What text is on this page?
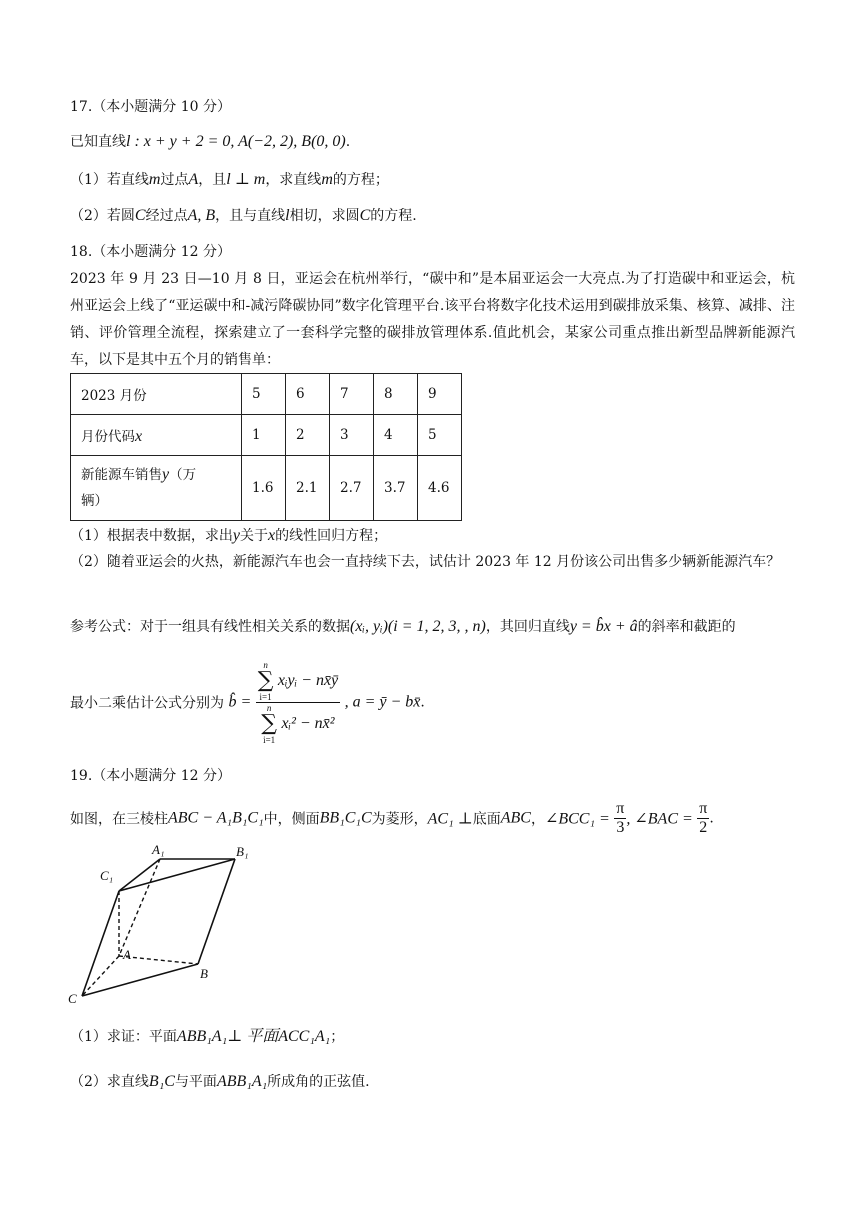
17.（本小题满分 10 分）
已知直线l : x + y + 2 = 0, A(−2, 2), B(0, 0).
（1）若直线m过点A，且l ⊥ m，求直线m的方程；
（2）若圆C经过点A, B，且与直线l相切，求圆C的方程.
18.（本小题满分 12 分）
2023 年 9 月 23 日—10 月 8 日，亚运会在杭州举行，“碳中和”是本届亚运会一大亮点.为了打造碳中和亚运会，杭州亚运会上线了“亚运碳中和-减污降碳协同”数字化管理平台.该平台将数字化技术运用到碳排放采集、核算、减排、注销、评价管理全流程，探索建立了一套科学完整的碳排放管理体系.值此机会，某家公司重点推出新型品牌新能源汽车，以下是其中五个月的销售单：
2023 月份	5	6	7	8	9
月份代码x	1	2	3	4	5
新能源车销售y（万
辆）	1.6	2.1	2.7	3.7	4.6
（1）根据表中数据，求出y关于x的线性回归方程；
（2）随着亚运会的火热，新能源汽车也会一直持续下去，试估计 2023 年 12 月份该公司出售多少辆新能源汽车？
参考公式：对于一组具有线性相关关系的数据(xᵢ, yᵢ)(i = 1, 2, 3, , n)，其回归直线y = b̂x + â的斜率和截距的
最小二乘估计公式分别为 b̂ = n
∑
i=1
xᵢyᵢ − nx̄ȳ
n
∑
i=1
xᵢ² − nx̄² , a = ȳ − bx̄.
19.（本小题满分 12 分）
如图，在三棱柱ABC − A₁B₁C₁中，侧面BB₁C₁C为菱形，AC₁ ⊥底面ABC，∠BCC₁ = $\frac{\pi}{3}$ , ∠BAC = $\frac{\pi}{2}$ .
A₁	B₁
C₁
A
B
C
（1）求证：平面ABB₁A₁⊥ 平面ACC₁A₁；
（2）求直线B₁C与平面ABB₁A₁所成角的正弦值.
